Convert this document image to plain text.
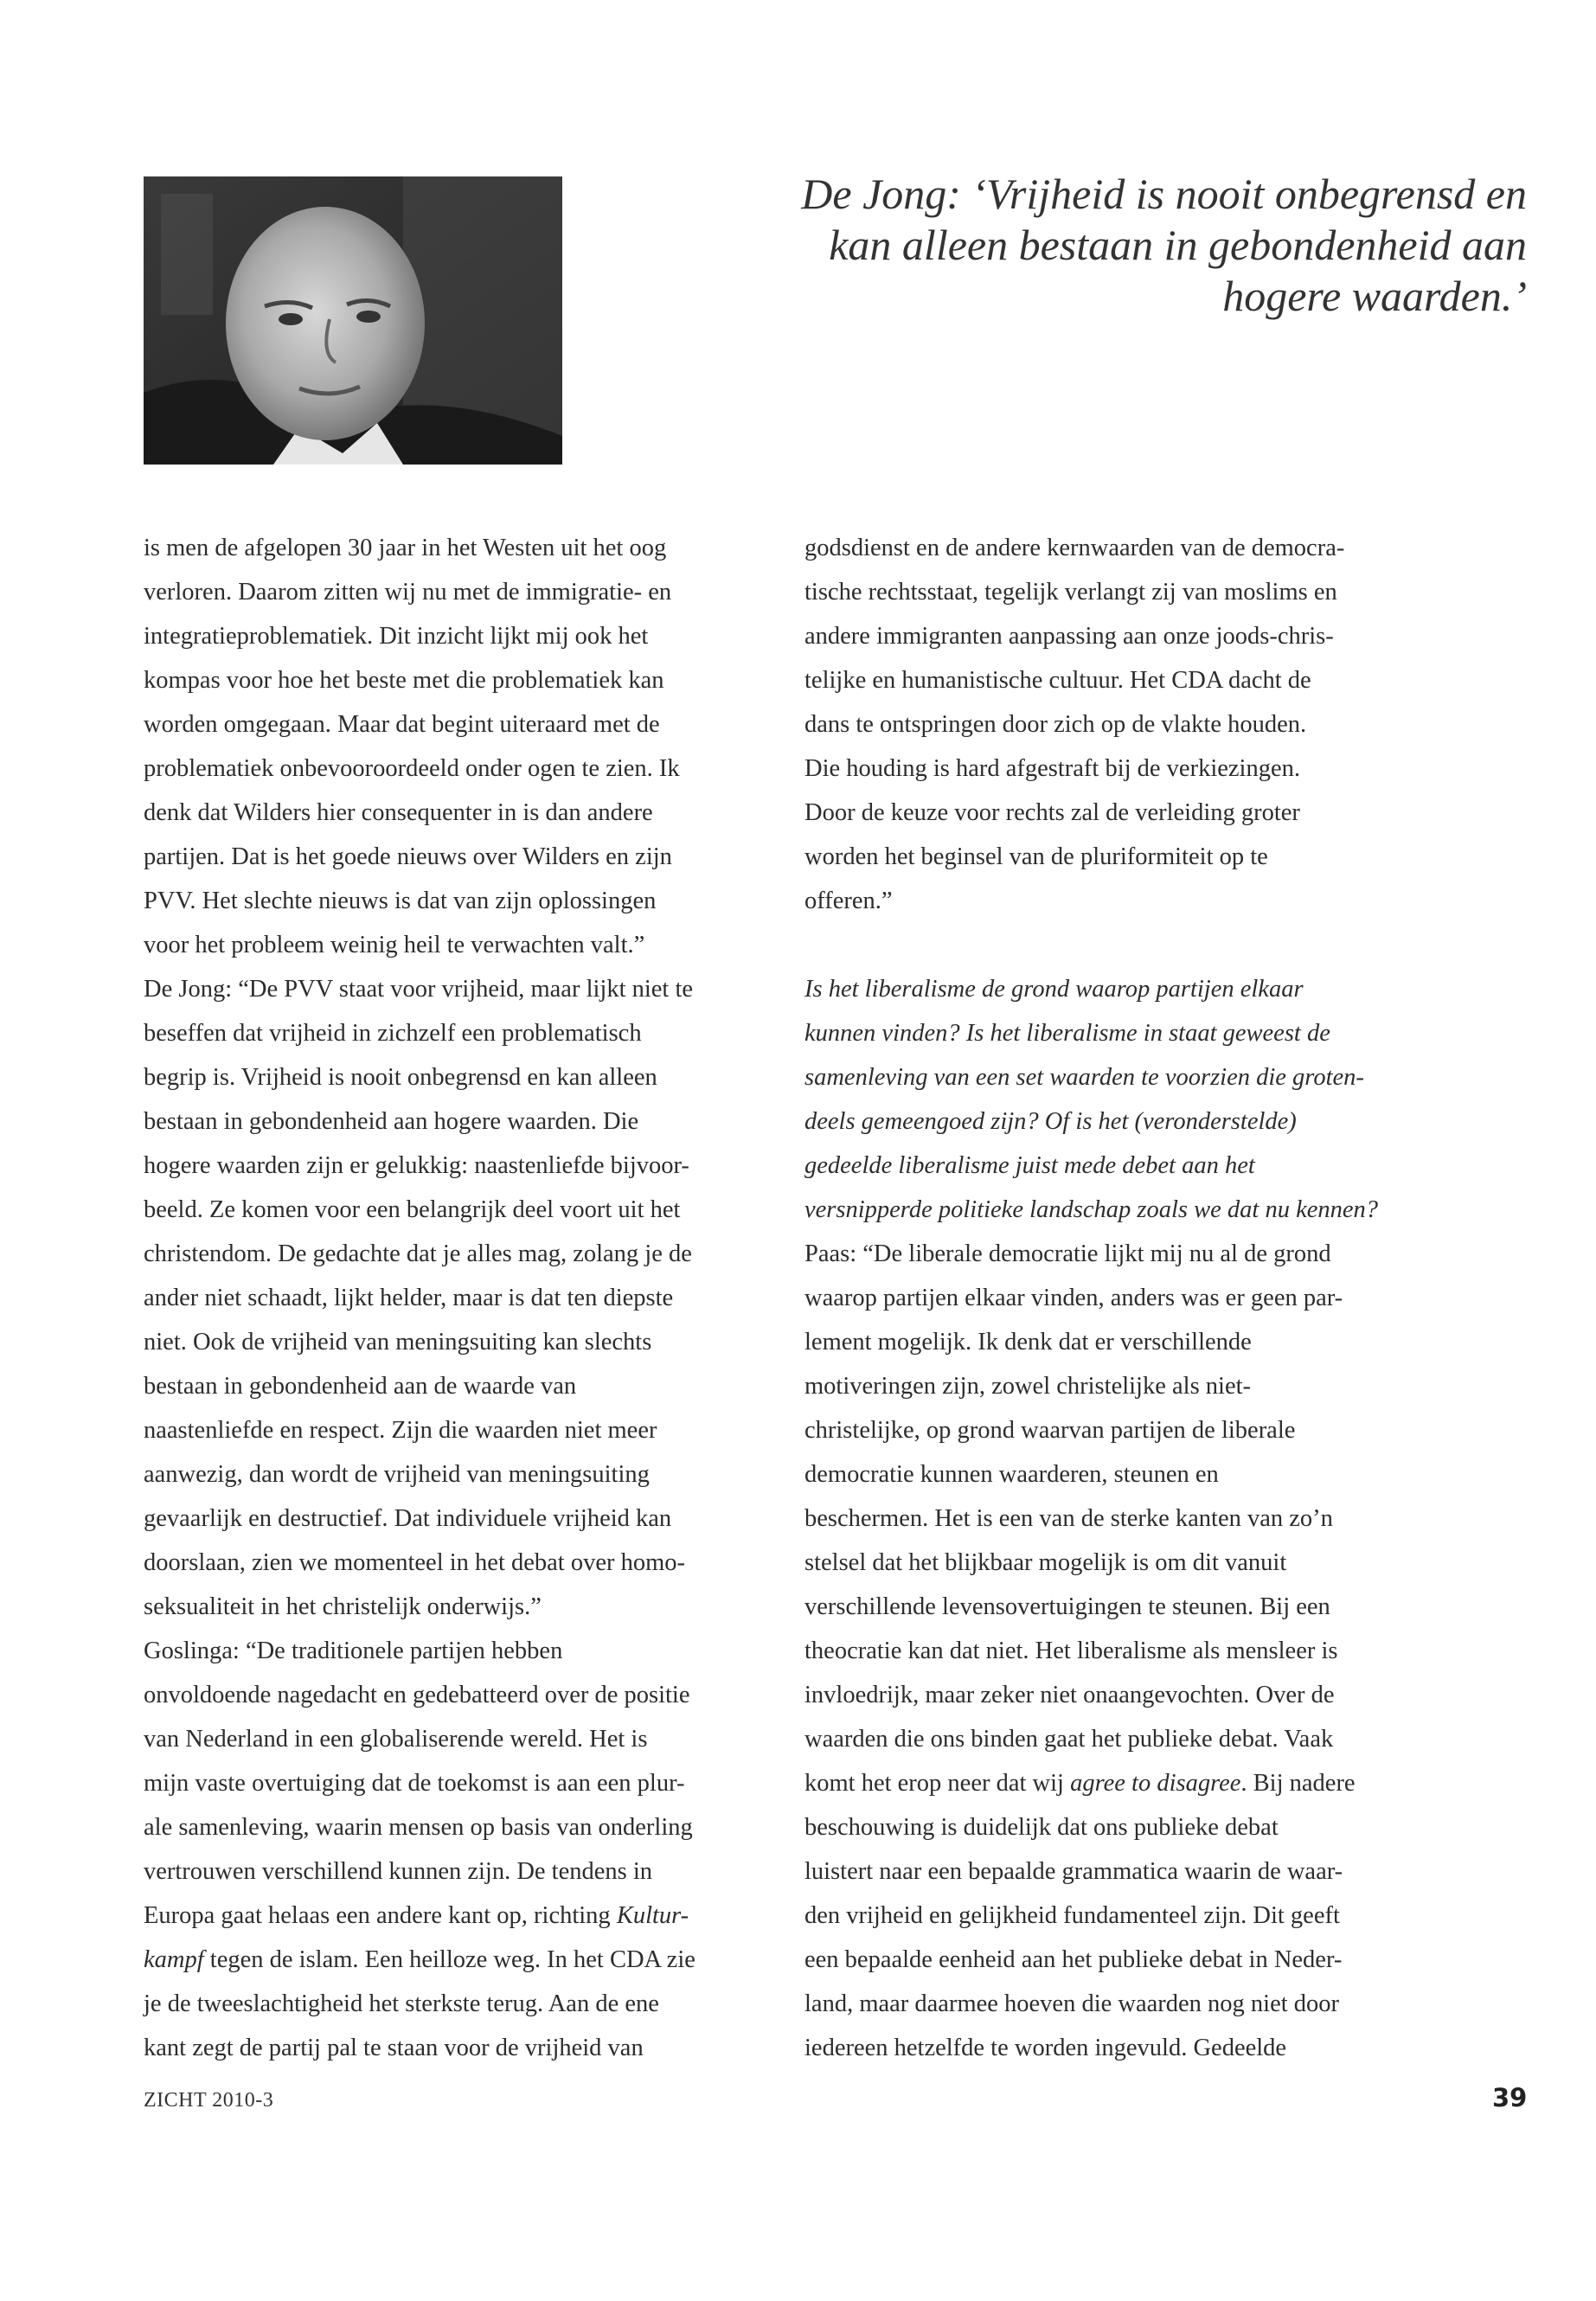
De Jong: ‘Vrijheid is nooit onbegrensd en
kan alleen bestaan in gebondenheid aan
hogere waarden.’

is men de afgelopen 30 jaar in het Westen uit het oog

verloren. Daarom zitten wij nu met de immigratie- en

integratieproblematiek. Dit inzicht lijkt mij ook het

kompas voor hoe het beste met die problematiek kan

worden omgegaan. Maar dat begint uiteraard met de

problematiek onbevooroordeeld onder ogen te zien. Ik

denk dat Wilders hier consequenter in is dan andere

partijen. Dat is het goede nieuws over Wilders en zijn

PVV. Het slechte nieuws is dat van zijn oplossingen

voor het probleem weinig heil te verwachten valt.”

De Jong: “De PVV staat voor vrijheid, maar lijkt niet te

beseffen dat vrijheid in zichzelf een problematisch

begrip is. Vrijheid is nooit onbegrensd en kan alleen

bestaan in gebondenheid aan hogere waarden. Die

hogere waarden zijn er gelukkig: naastenliefde bijvoor-

beeld. Ze komen voor een belangrijk deel voort uit het

christendom. De gedachte dat je alles mag, zolang je de

ander niet schaadt, lijkt helder, maar is dat ten diepste

niet. Ook de vrijheid van meningsuiting kan slechts

bestaan in gebondenheid aan de waarde van

naastenliefde en respect. Zijn die waarden niet meer

aanwezig, dan wordt de vrijheid van meningsuiting

gevaarlijk en destructief. Dat individuele vrijheid kan

doorslaan, zien we momenteel in het debat over homo-

seksualiteit in het christelijk onderwijs.”

Goslinga: “De traditionele partijen hebben

onvoldoende nagedacht en gedebatteerd over de positie

van Nederland in een globaliserende wereld. Het is

mijn vaste overtuiging dat de toekomst is aan een plur-

ale samenleving, waarin mensen op basis van onderling

vertrouwen verschillend kunnen zijn. De tendens in

Europa gaat helaas een andere kant op, richting Kultur-

kampf tegen de islam. Een heilloze weg. In het CDA zie

je de tweeslachtigheid het sterkste terug. Aan de ene

kant zegt de partij pal te staan voor de vrijheid van

godsdienst en de andere kernwaarden van de democra-

tische rechtsstaat, tegelijk verlangt zij van moslims en

andere immigranten aanpassing aan onze joods-chris-

telijke en humanistische cultuur. Het CDA dacht de

dans te ontspringen door zich op de vlakte houden.

Die houding is hard afgestraft bij de verkiezingen.

Door de keuze voor rechts zal de verleiding groter

worden het beginsel van de pluriformiteit op te

offeren.”

Is het liberalisme de grond waarop partijen elkaar

kunnen vinden? Is het liberalisme in staat geweest de

samenleving van een set waarden te voorzien die groten-

deels gemeengoed zijn? Of is het (veronderstelde)

gedeelde liberalisme juist mede debet aan het

versnipperde politieke landschap zoals we dat nu kennen?

Paas: “De liberale democratie lijkt mij nu al de grond

waarop partijen elkaar vinden, anders was er geen par-

lement mogelijk. Ik denk dat er verschillende

motiveringen zijn, zowel christelijke als niet-

christelijke, op grond waarvan partijen de liberale

democratie kunnen waarderen, steunen en

beschermen. Het is een van de sterke kanten van zo’n

stelsel dat het blijkbaar mogelijk is om dit vanuit

verschillende levensovertuigingen te steunen. Bij een

theocratie kan dat niet. Het liberalisme als mensleer is

invloedrijk, maar zeker niet onaangevochten. Over de

waarden die ons binden gaat het publieke debat. Vaak

komt het erop neer dat wij agree to disagree. Bij nadere

beschouwing is duidelijk dat ons publieke debat

luistert naar een bepaalde grammatica waarin de waar-

den vrijheid en gelijkheid fundamenteel zijn. Dit geeft

een bepaalde eenheid aan het publieke debat in Neder-

land, maar daarmee hoeven die waarden nog niet door

iedereen hetzelfde te worden ingevuld. Gedeelde

ZICHT 2010-3	39
